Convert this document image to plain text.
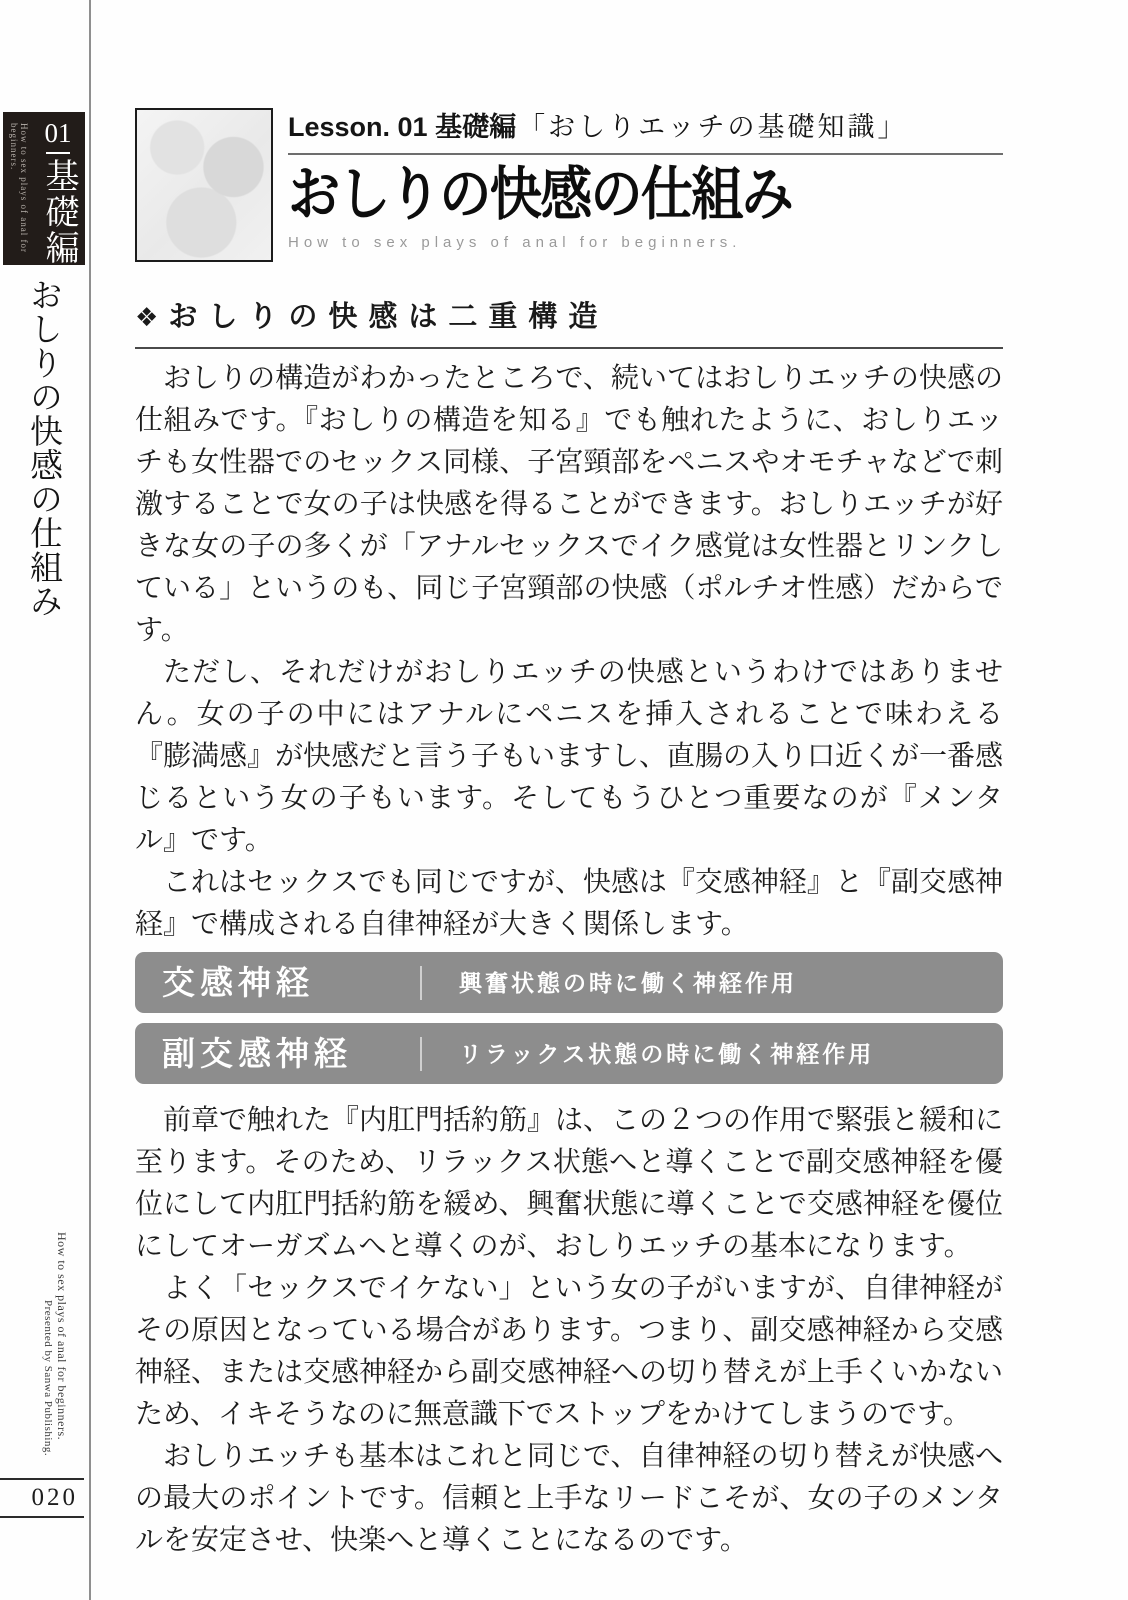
How to sex plays of anal for beginners. 01
基礎編
おしりの快感の仕組み
How to sex plays of anal for beginners.
Presented by Sanwa Publishing.
020
Lesson. 01 基礎編「おしりエッチの基礎知識」
おしりの快感の仕組み
How to sex plays of anal for beginners.
❖ おしりの快感は二重構造

おしりの構造がわかったところで、続いてはおしりエッチの快感の仕組みです。『おしりの構造を知る』でも触れたように、おしりエッチも女性器でのセックス同様、子宮頸部をペニスやオモチャなどで刺激することで女の子は快感を得ることができます。おしりエッチが好きな女の子の多くが「アナルセックスでイク感覚は女性器とリンクしている」というのも、同じ子宮頸部の快感（ポルチオ性感）だからです。

ただし、それだけがおしりエッチの快感というわけではありません。女の子の中にはアナルにペニスを挿入されることで味わえる『膨満感』が快感だと言う子もいますし、直腸の入り口近くが一番感じるという女の子もいます。そしてもうひとつ重要なのが『メンタル』です。

これはセックスでも同じですが、快感は『交感神経』と『副交感神経』で構成される自律神経が大きく関係します。

交感神経	興奮状態の時に働く神経作用
副交感神経	リラックス状態の時に働く神経作用

前章で触れた『内肛門括約筋』は、この２つの作用で緊張と緩和に至ります。そのため、リラックス状態へと導くことで副交感神経を優位にして内肛門括約筋を緩め、興奮状態に導くことで交感神経を優位にしてオーガズムへと導くのが、おしりエッチの基本になります。

よく「セックスでイケない」という女の子がいますが、自律神経がその原因となっている場合があります。つまり、副交感神経から交感神経、または交感神経から副交感神経への切り替えが上手くいかないため、イキそうなのに無意識下でストップをかけてしまうのです。

おしりエッチも基本はこれと同じで、自律神経の切り替えが快感への最大のポイントです。信頼と上手なリードこそが、女の子のメンタルを安定させ、快楽へと導くことになるのです。
